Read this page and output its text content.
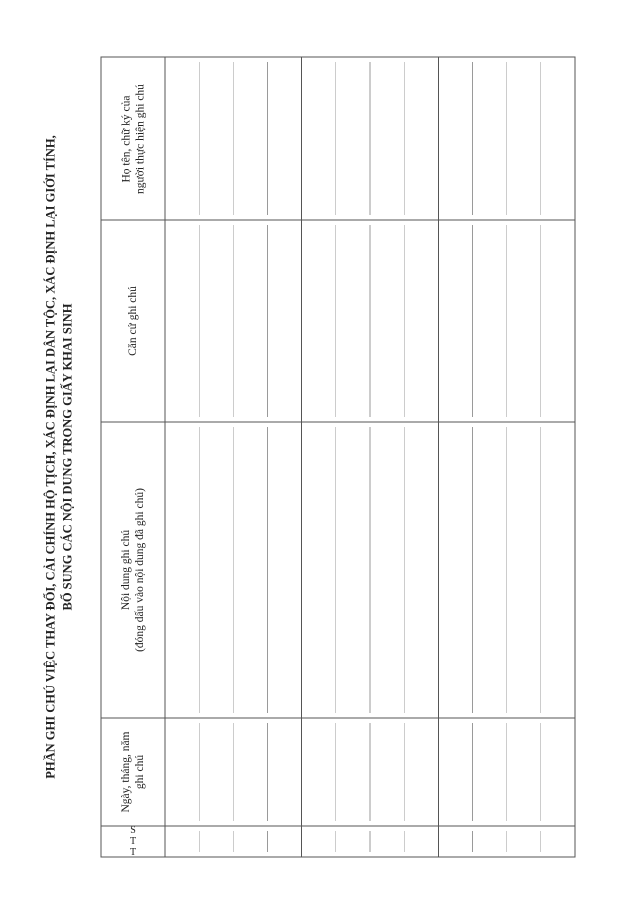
PHẦN GHI CHÚ VIỆC THAY ĐỔI, CẢI CHÍNH HỘ TỊCH, XÁC ĐỊNH LẠI DÂN TỘC, XÁC ĐỊNH LẠI GIỚI TÍNH, BỔ SUNG CÁC NỘI DUNG TRONG GIẤY KHAI SINH
S
T
T
Ngày, tháng, năm ghi chú
Nội dung ghi chú (đóng dấu vào nội dung đã ghi chú)
Căn cứ ghi chú
Họ tên, chữ ký của người thực hiện ghi chú
